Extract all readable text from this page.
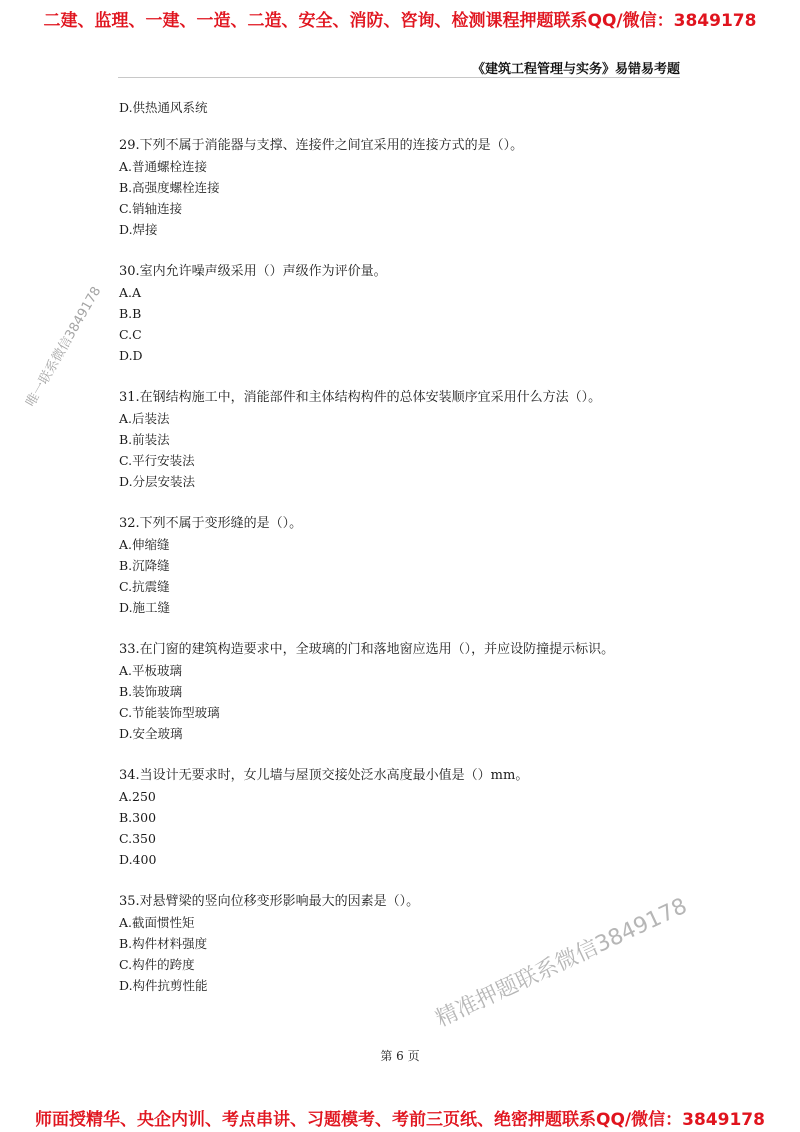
二建、监理、一建、一造、二造、安全、消防、咨询、检测课程押题联系QQ/微信：3849178
《建筑工程管理与实务》易错易考题
D.供热通风系统
29.下列不属于消能器与支撑、连接件之间宜采用的连接方式的是（）。
A.普通螺栓连接
B.高强度螺栓连接
C.销轴连接
D.焊接
30.室内允许噪声级采用（）声级作为评价量。
A.A
B.B
C.C
D.D
31.在钢结构施工中，消能部件和主体结构构件的总体安装顺序宜采用什么方法（）。
A.后装法
B.前装法
C.平行安装法
D.分层安装法
32.下列不属于变形缝的是（）。
A.伸缩缝
B.沉降缝
C.抗震缝
D.施工缝
33.在门窗的建筑构造要求中，全玻璃的门和落地窗应选用（），并应设防撞提示标识。
A.平板玻璃
B.装饰玻璃
C.节能装饰型玻璃
D.安全玻璃
34.当设计无要求时，女儿墙与屋顶交接处泛水高度最小值是（）mm。
A.250
B.300
C.350
D.400
35.对悬臂梁的竖向位移变形影响最大的因素是（）。
A.截面惯性矩
B.构件材料强度
C.构件的跨度
D.构件抗剪性能
唯一联系微信3849178
精准押题联系微信3849178
第 6 页
师面授精华、央企内训、考点串讲、习题模考、考前三页纸、绝密押题联系QQ/微信：3849178
